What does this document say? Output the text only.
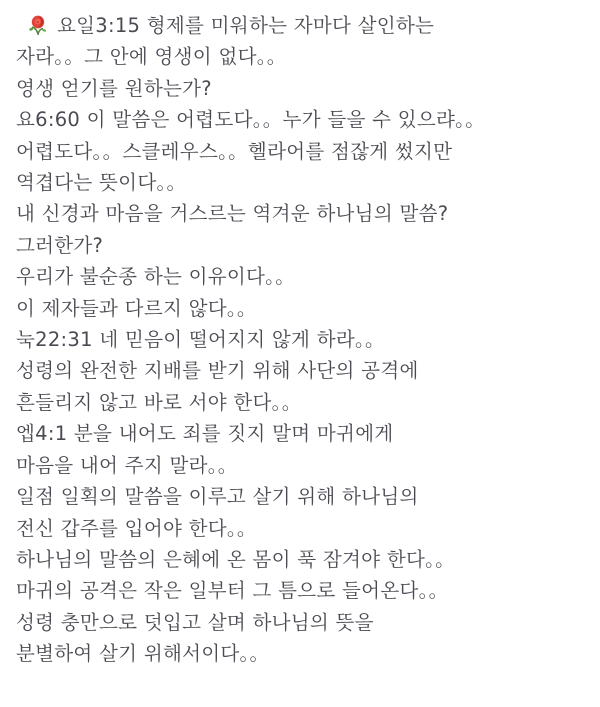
요일3:15 형제를 미워하는 자마다 살인하는
자라。。그 안에 영생이 없다。。
영생 얻기를 원하는가?
요6:60 이 말씀은 어렵도다。。누가 들을 수 있으랴。。
어렵도다。。스클레우스。。헬라어를 점잖게 썼지만
역겹다는 뜻이다。。
내 신경과 마음을 거스르는 역겨운 하나님의 말씀?
그러한가?
우리가 불순종 하는 이유이다。。
이 제자들과 다르지 않다。。
눅22:31 네 믿음이 떨어지지 않게 하라。。
성령의 완전한 지배를 받기 위해 사단의 공격에
흔들리지 않고 바로 서야 한다。。
엡4:1 분을 내어도 죄를 짓지 말며 마귀에게
마음을 내어 주지 말라。。
일점 일획의 말씀을 이루고 살기 위해 하나님의
전신 갑주를 입어야 한다。。
하나님의 말씀의 은혜에 온 몸이 푹 잠겨야 한다。。
마귀의 공격은 작은 일부터 그 틈으로 들어온다。。
성령 충만으로 덧입고 살며 하나님의 뜻을
분별하여 살기 위해서이다。。
